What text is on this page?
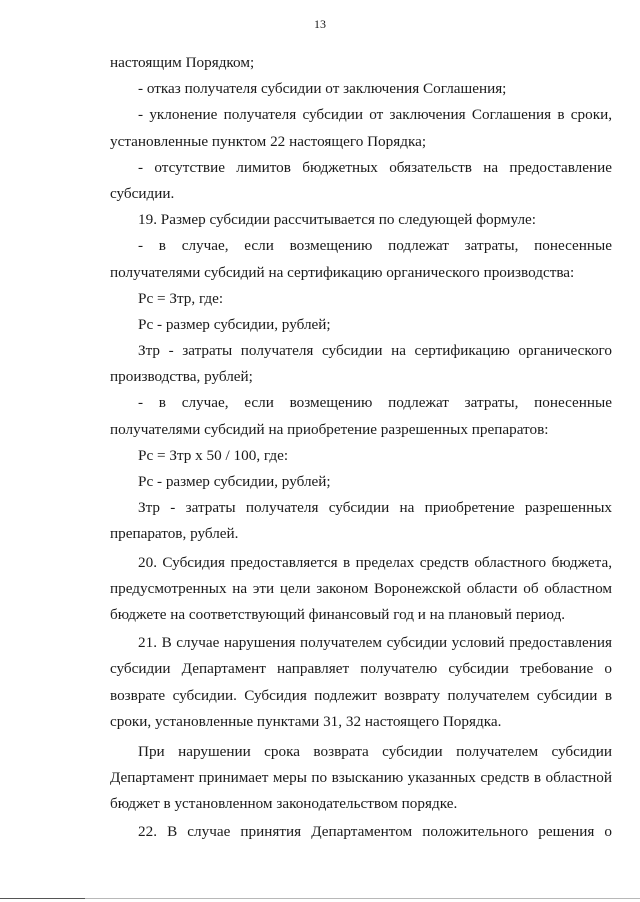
13
настоящим Порядком;
- отказ получателя субсидии от заключения Соглашения;
- уклонение получателя субсидии от заключения Соглашения в сроки,
установленные пунктом 22 настоящего Порядка;
- отсутствие лимитов бюджетных обязательств на предоставление
субсидии.
19. Размер субсидии рассчитывается по следующей формуле:
- в случае, если возмещению подлежат затраты, понесенные
получателями субсидий на сертификацию органического производства:
Рс = Зтр, где:
Рс - размер субсидии, рублей;
Зтр - затраты получателя субсидии на сертификацию органического
производства, рублей;
- в случае, если возмещению подлежат затраты, понесенные
получателями субсидий на приобретение разрешенных препаратов:
Рс = Зтр х 50 / 100, где:
Рс - размер субсидии, рублей;
Зтр - затраты получателя субсидии на приобретение разрешенных
препаратов, рублей.
20. Субсидия предоставляется в пределах средств областного бюджета,
предусмотренных на эти цели законом Воронежской области об областном
бюджете на соответствующий финансовый год и на плановый период.
21. В случае нарушения получателем субсидии условий предоставления
субсидии Департамент направляет получателю субсидии требование о
возврате субсидии. Субсидия подлежит возврату получателем субсидии в
сроки, установленные пунктами 31, 32 настоящего Порядка.
При нарушении срока возврата субсидии получателем субсидии
Департамент принимает меры по взысканию указанных средств в областной
бюджет в установленном законодательством порядке.
22. В случае принятия Департаментом положительного решения о
